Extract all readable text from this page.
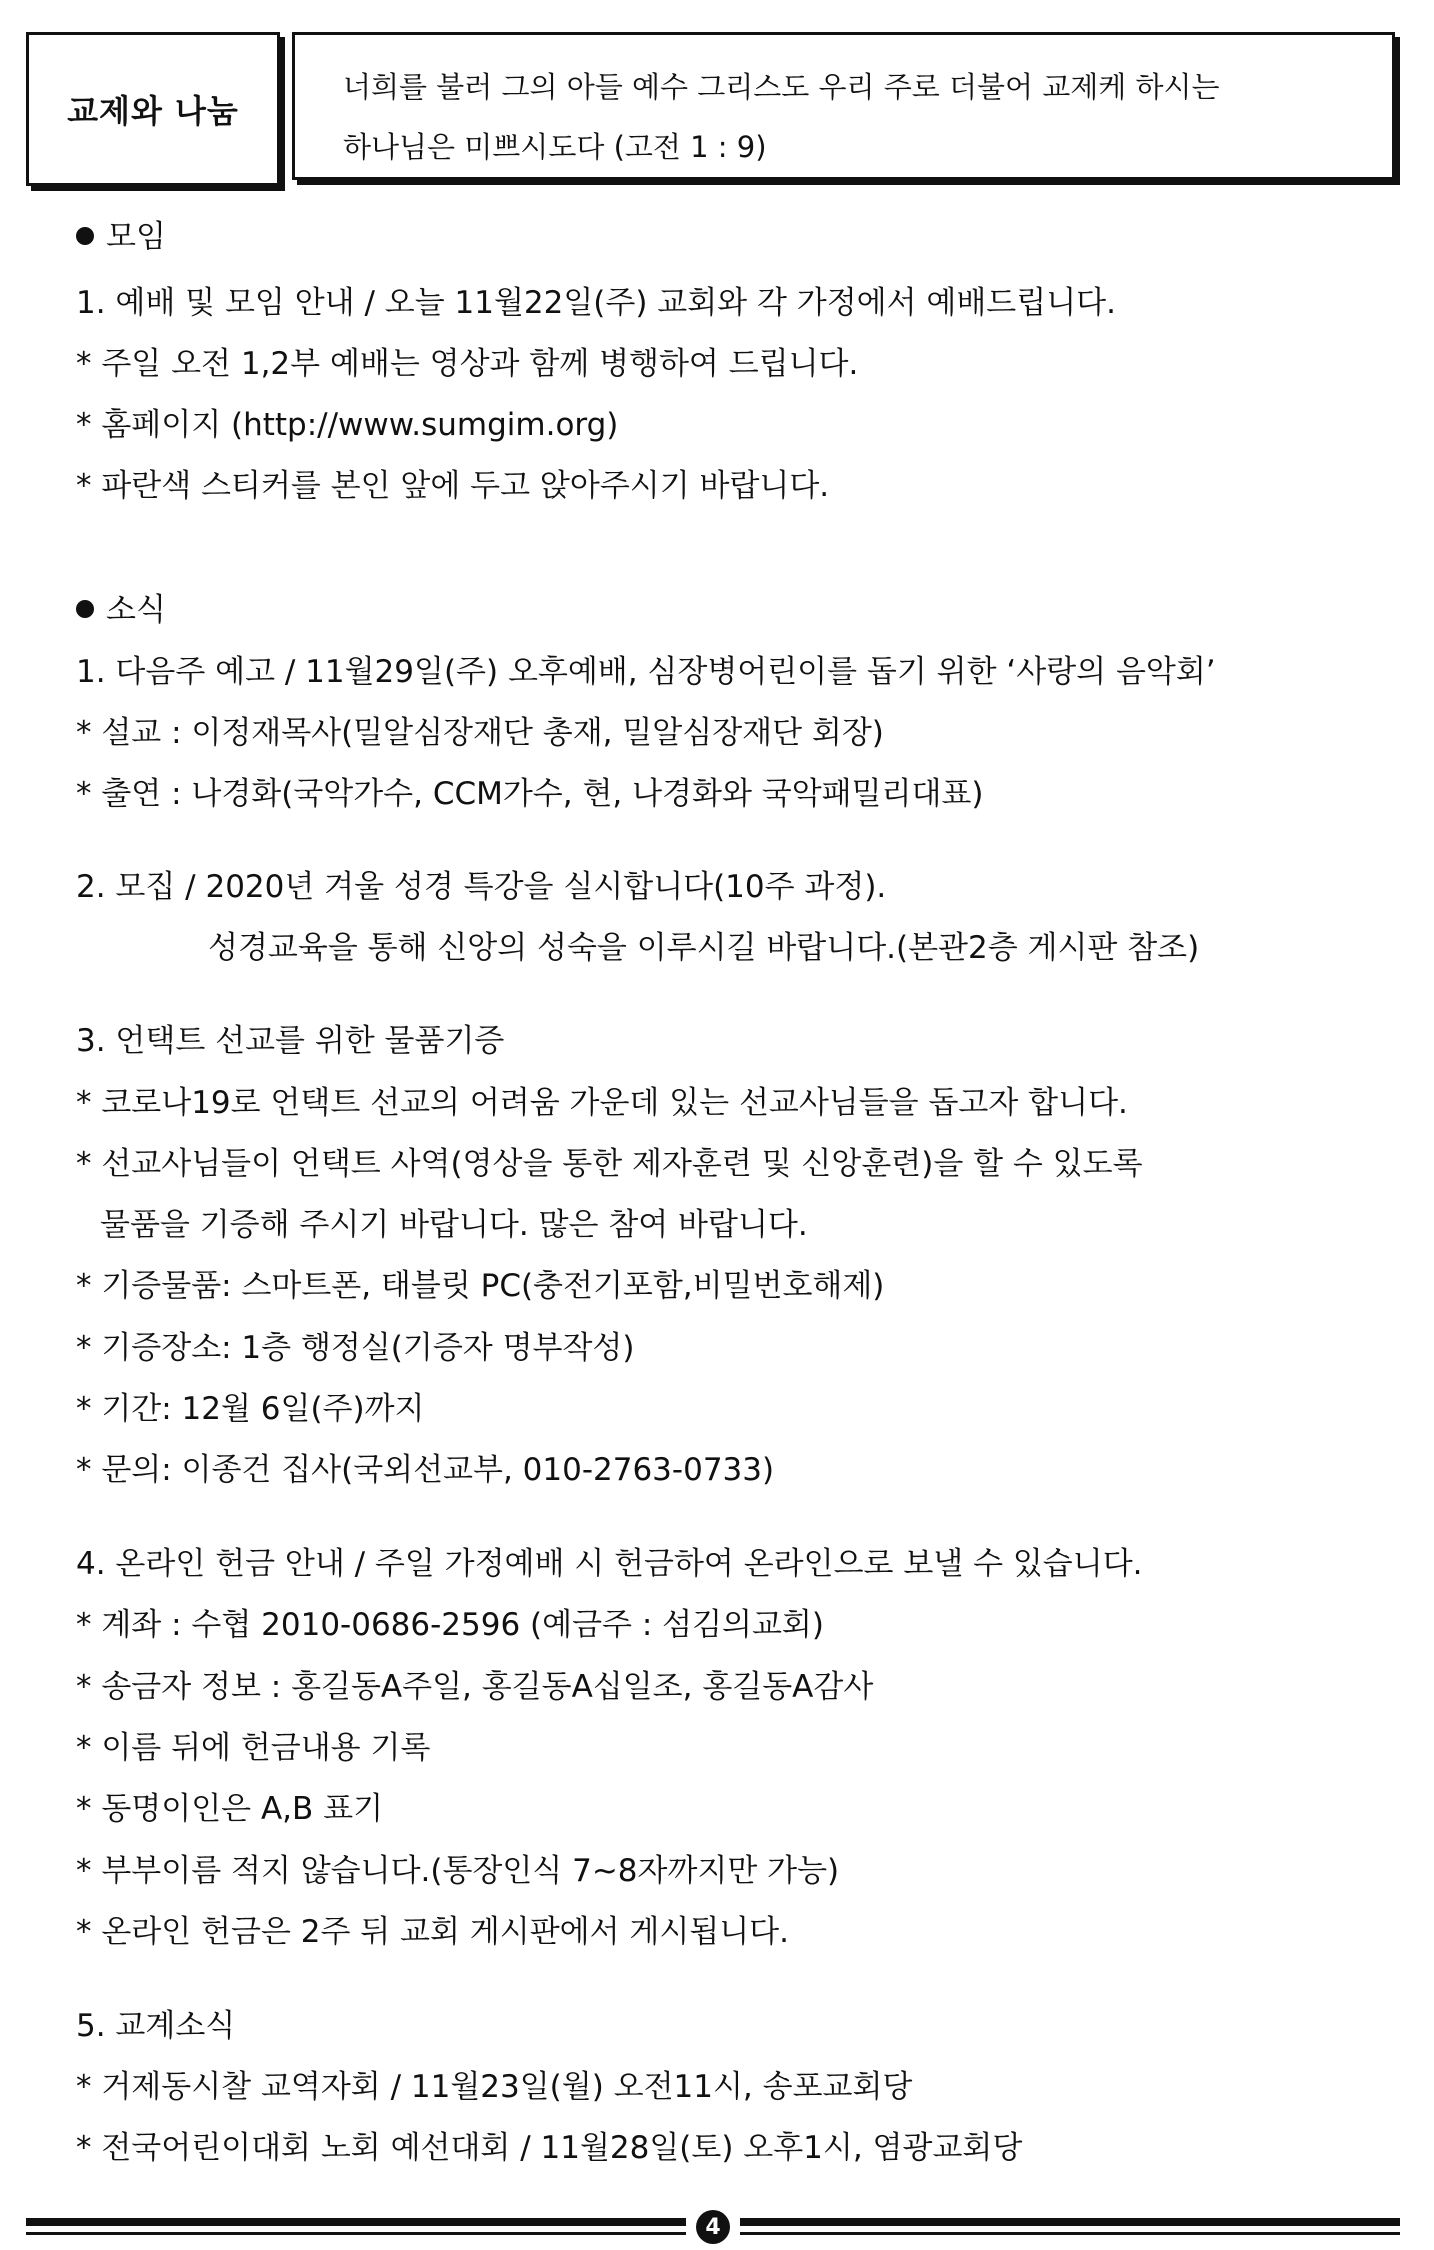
교제와 나눔
너희를 불러 그의 아들 예수 그리스도 우리 주로 더불어 교제케 하시는
하나님은 미쁘시도다 (고전 1 : 9)
모임
1. 예배 및 모임 안내 / 오늘 11월22일(주) 교회와 각 가정에서 예배드립니다.
* 주일 오전 1,2부 예배는 영상과 함께 병행하여 드립니다.
* 홈페이지 (http://www.sumgim.org)
* 파란색 스티커를 본인 앞에 두고 앉아주시기 바랍니다.
소식
1. 다음주 예고 / 11월29일(주) 오후예배, 심장병어린이를 돕기 위한 ‘사랑의 음악회’
* 설교 : 이정재목사(밀알심장재단 총재, 밀알심장재단 회장)
* 출연 : 나경화(국악가수, CCM가수, 현, 나경화와 국악패밀리대표)
2. 모집 / 2020년 겨울 성경 특강을 실시합니다(10주 과정).
성경교육을 통해 신앙의 성숙을 이루시길 바랍니다.(본관2층 게시판 참조)
3. 언택트 선교를 위한 물품기증
* 코로나19로 언택트 선교의 어려움 가운데 있는 선교사님들을 돕고자 합니다.
* 선교사님들이 언택트 사역(영상을 통한 제자훈련 및 신앙훈련)을 할 수 있도록
물품을 기증해 주시기 바랍니다. 많은 참여 바랍니다.
* 기증물품: 스마트폰, 태블릿 PC(충전기포함,비밀번호해제)
* 기증장소: 1층 행정실(기증자 명부작성)
* 기간: 12월 6일(주)까지
* 문의: 이종건 집사(국외선교부, 010-2763-0733)
4. 온라인 헌금 안내 / 주일 가정예배 시 헌금하여 온라인으로 보낼 수 있습니다.
* 계좌 : 수협 2010-0686-2596 (예금주 : 섬김의교회)
* 송금자 정보 : 홍길동A주일, 홍길동A십일조, 홍길동A감사
* 이름 뒤에 헌금내용 기록
* 동명이인은 A,B 표기
* 부부이름 적지 않습니다.(통장인식 7~8자까지만 가능)
* 온라인 헌금은 2주 뒤 교회 게시판에서 게시됩니다.
5. 교계소식
* 거제동시찰 교역자회 / 11월23일(월) 오전11시, 송포교회당
* 전국어린이대회 노회 예선대회 / 11월28일(토) 오후1시, 염광교회당
4
